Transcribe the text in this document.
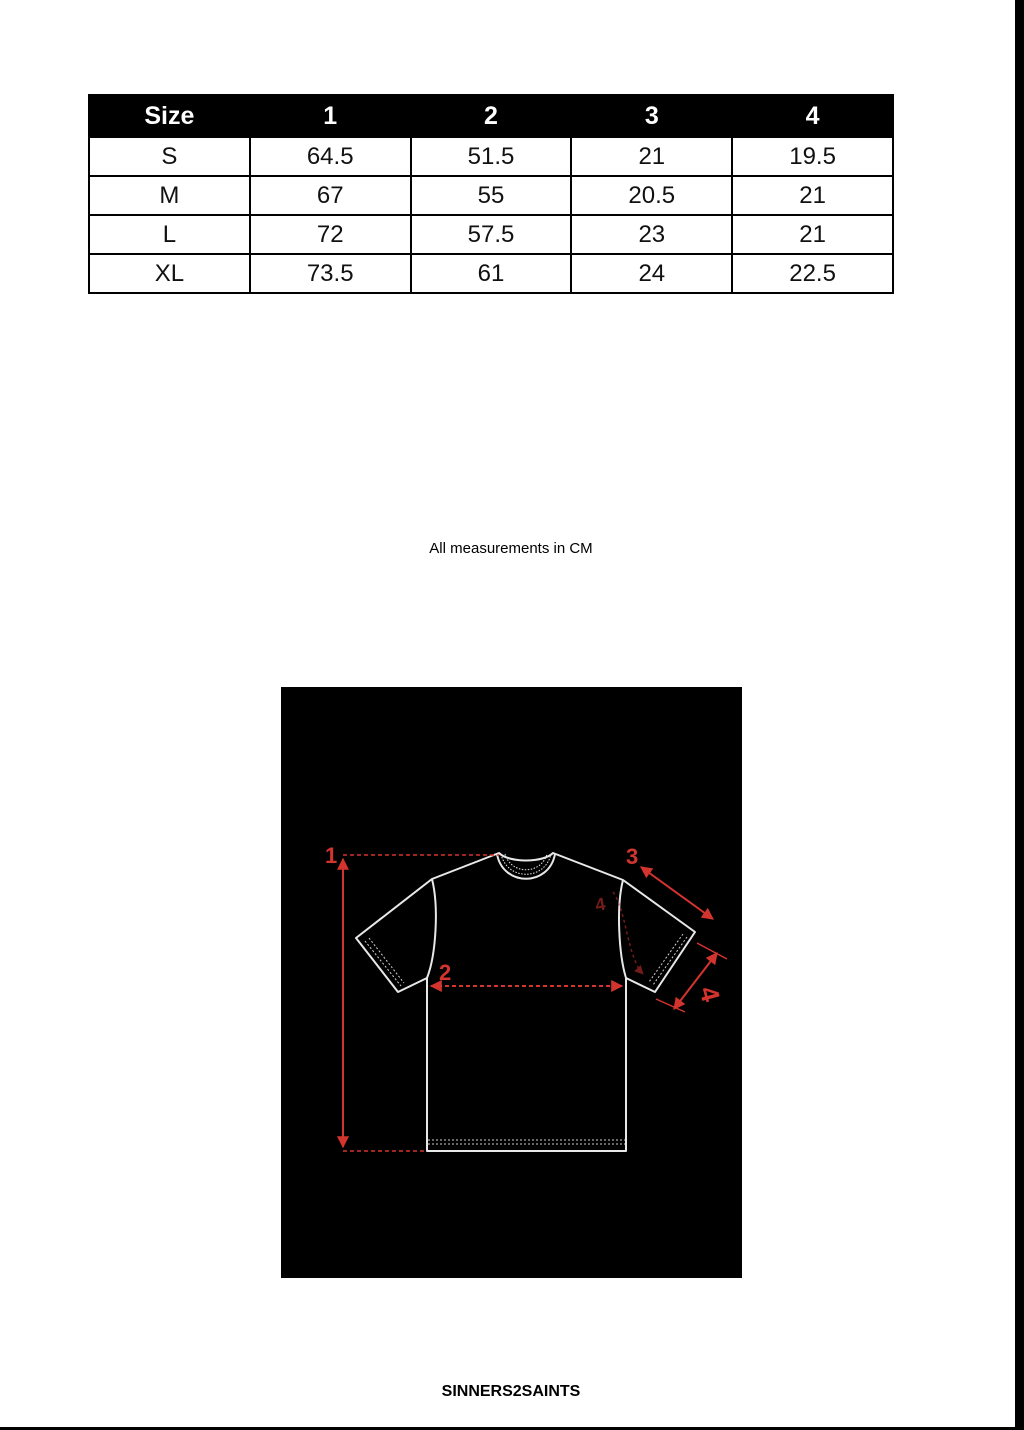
Size	1	2	3	4
S	64.5	51.5	21	19.5
M	67	55	20.5	21
L	72	57.5	23	21
XL	73.5	61	24	22.5
All measurements in CM
1
2
3
4
4
SINNERS2SAINTS
